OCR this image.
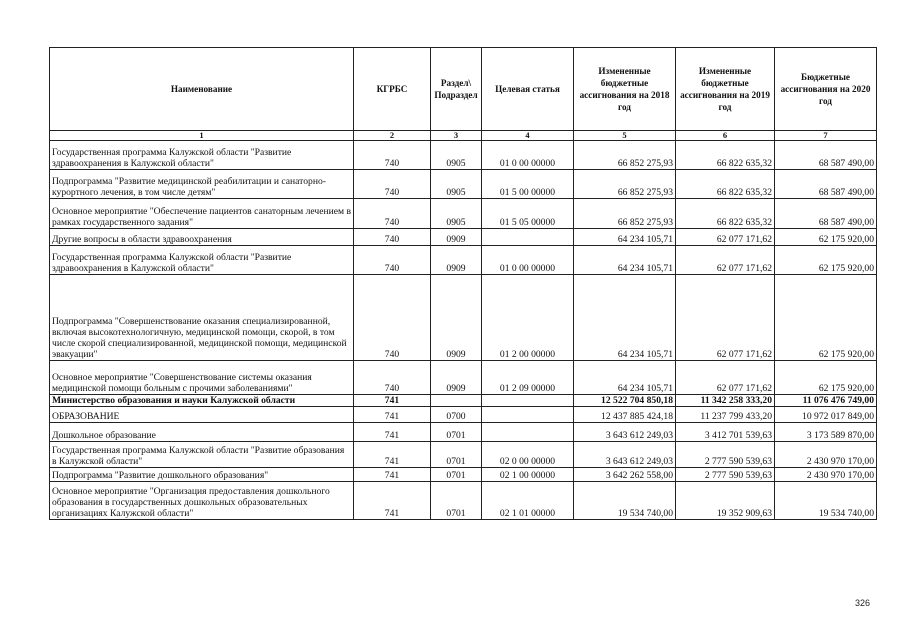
Наименование	КГРБС	Раздел\ Подраздел	Целевая статья	Измененные бюджетные ассигнования на 2018 год	Измененные бюджетные ассигнования на 2019 год	Бюджетные ассигнования на 2020 год
1	2	3	4	5	6	7
Государственная программа Калужской области "Развитие здравоохранения в Калужской области"	740	0905	01 0 00 00000	66 852 275,93	66 822 635,32	68 587 490,00
Подпрограмма "Развитие медицинской реабилитации и санаторно-курортного лечения, в том числе детям"	740	0905	01 5 00 00000	66 852 275,93	66 822 635,32	68 587 490,00
Основное мероприятие "Обеспечение пациентов санаторным лечением в рамках государственного задания"	740	0905	01 5 05 00000	66 852 275,93	66 822 635,32	68 587 490,00
Другие вопросы в области здравоохранения	740	0909		64 234 105,71	62 077 171,62	62 175 920,00
Государственная программа Калужской области "Развитие здравоохранения в Калужской области"	740	0909	01 0 00 00000	64 234 105,71	62 077 171,62	62 175 920,00
Подпрограмма "Совершенствование оказания специализированной, включая высокотехнологичную, медицинской помощи, скорой, в том числе скорой специализированной, медицинской помощи, медицинской эвакуации"	740	0909	01 2 00 00000	64 234 105,71	62 077 171,62	62 175 920,00
Основное мероприятие "Совершенствование системы оказания медицинской помощи больным с прочими заболеваниями"	740	0909	01 2 09 00000	64 234 105,71	62 077 171,62	62 175 920,00
Министерство образования и науки Калужской области	741			12 522 704 850,18	11 342 258 333,20	11 076 476 749,00
ОБРАЗОВАНИЕ	741	0700		12 437 885 424,18	11 237 799 433,20	10 972 017 849,00
Дошкольное образование	741	0701		3 643 612 249,03	3 412 701 539,63	3 173 589 870,00
Государственная программа Калужской области "Развитие образования в Калужской области"	741	0701	02 0 00 00000	3 643 612 249,03	2 777 590 539,63	2 430 970 170,00
Подпрограмма "Развитие дошкольного образования"	741	0701	02 1 00 00000	3 642 262 558,00	2 777 590 539,63	2 430 970 170,00
Основное мероприятие "Организация предоставления дошкольного образования в государственных дошкольных образовательных организациях Калужской области"	741	0701	02 1 01 00000	19 534 740,00	19 352 909,63	19 534 740,00
326
